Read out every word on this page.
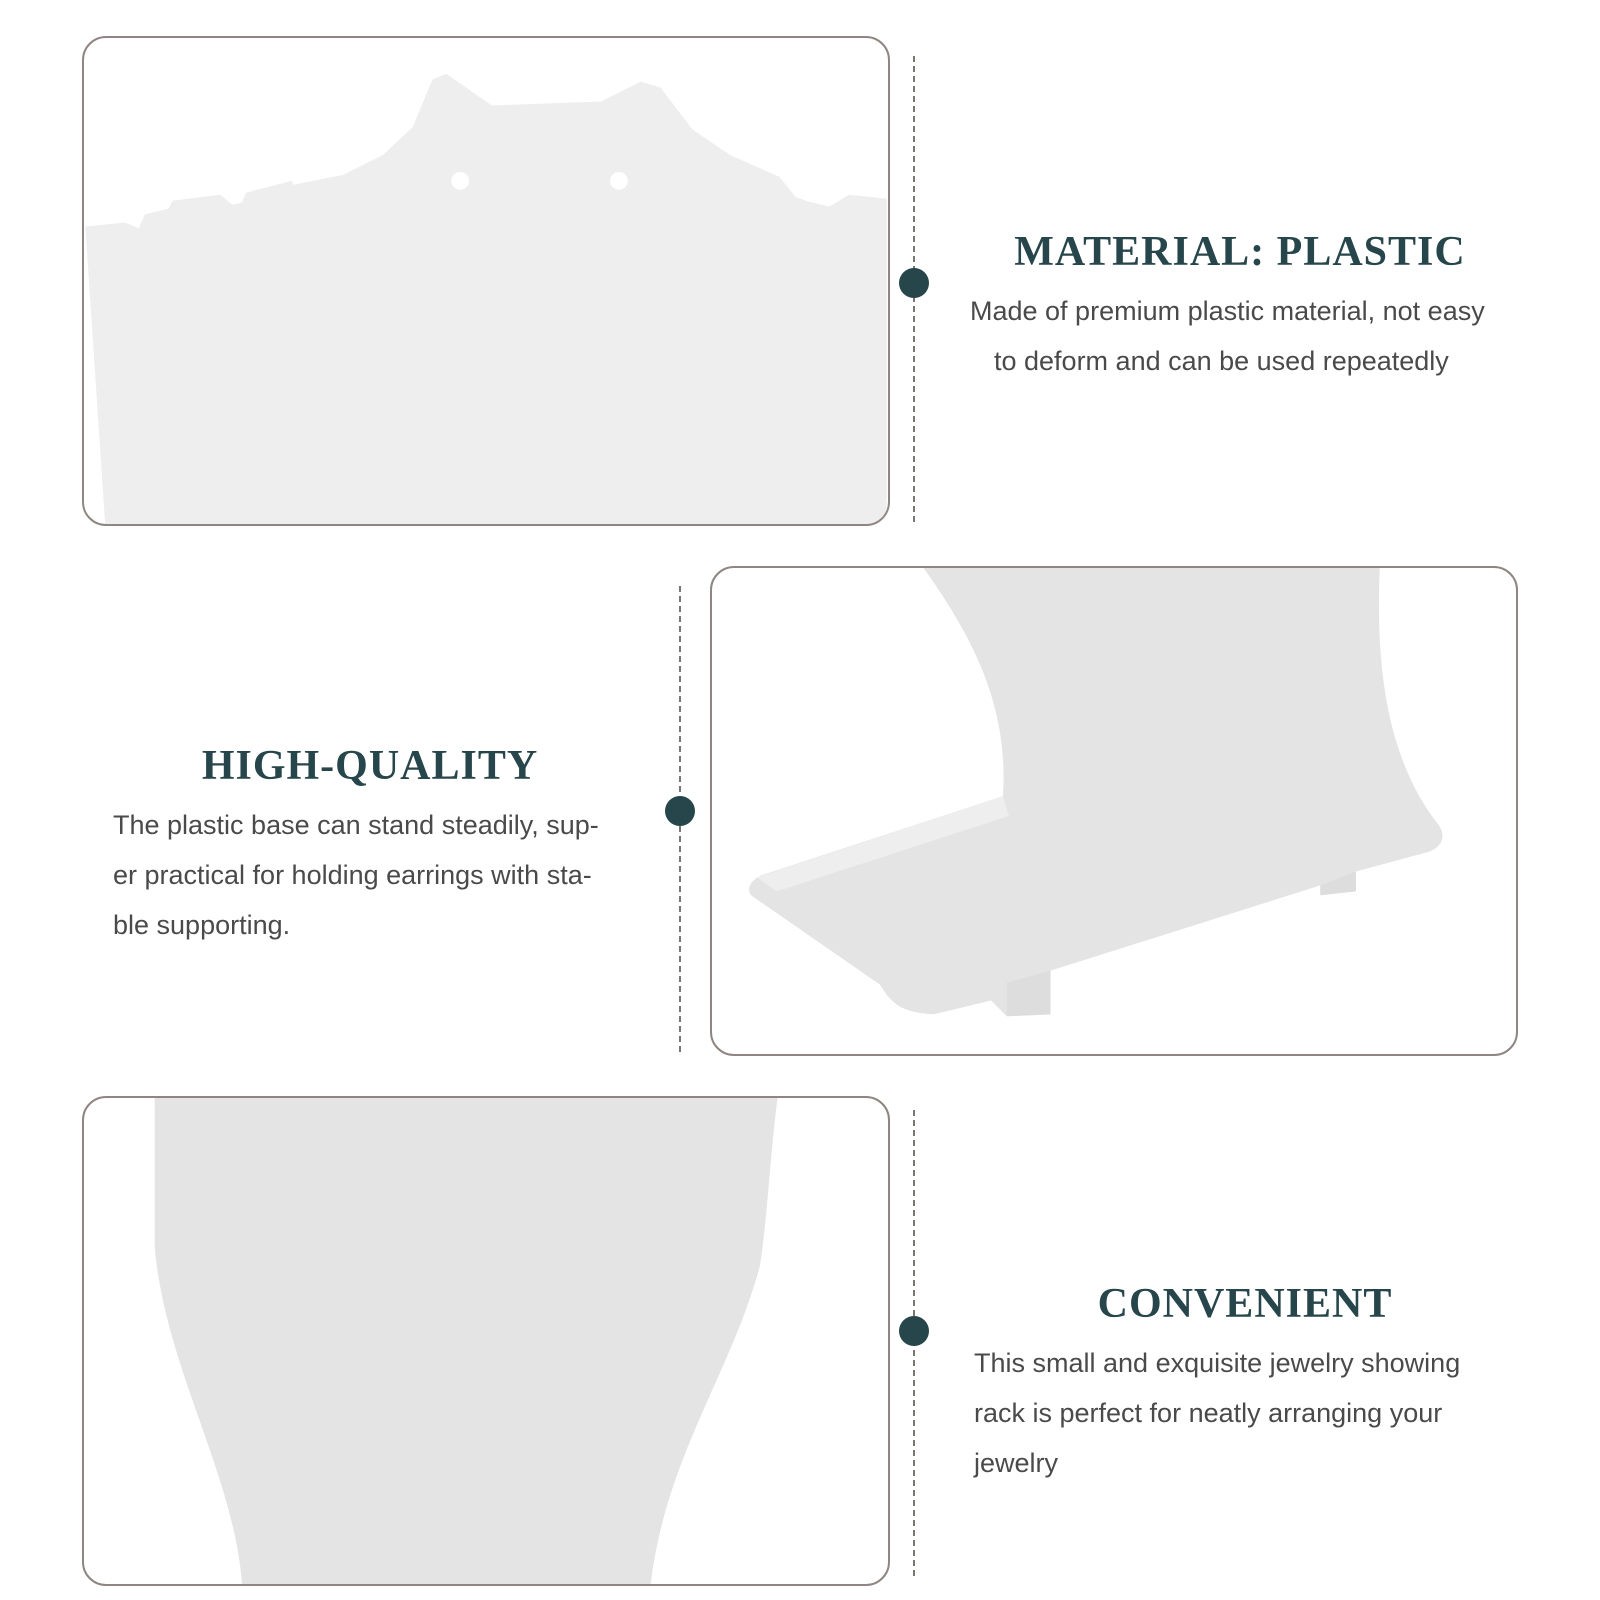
MATERIAL: PLASTIC
Made of premium plastic material, not easy
to deform and can be used repeatedly
HIGH-QUALITY
The plastic base can stand steadily, sup-
er practical for holding earrings with sta-
ble supporting.
CONVENIENT
This small and exquisite jewelry showing
rack is perfect for neatly arranging your
jewelry
